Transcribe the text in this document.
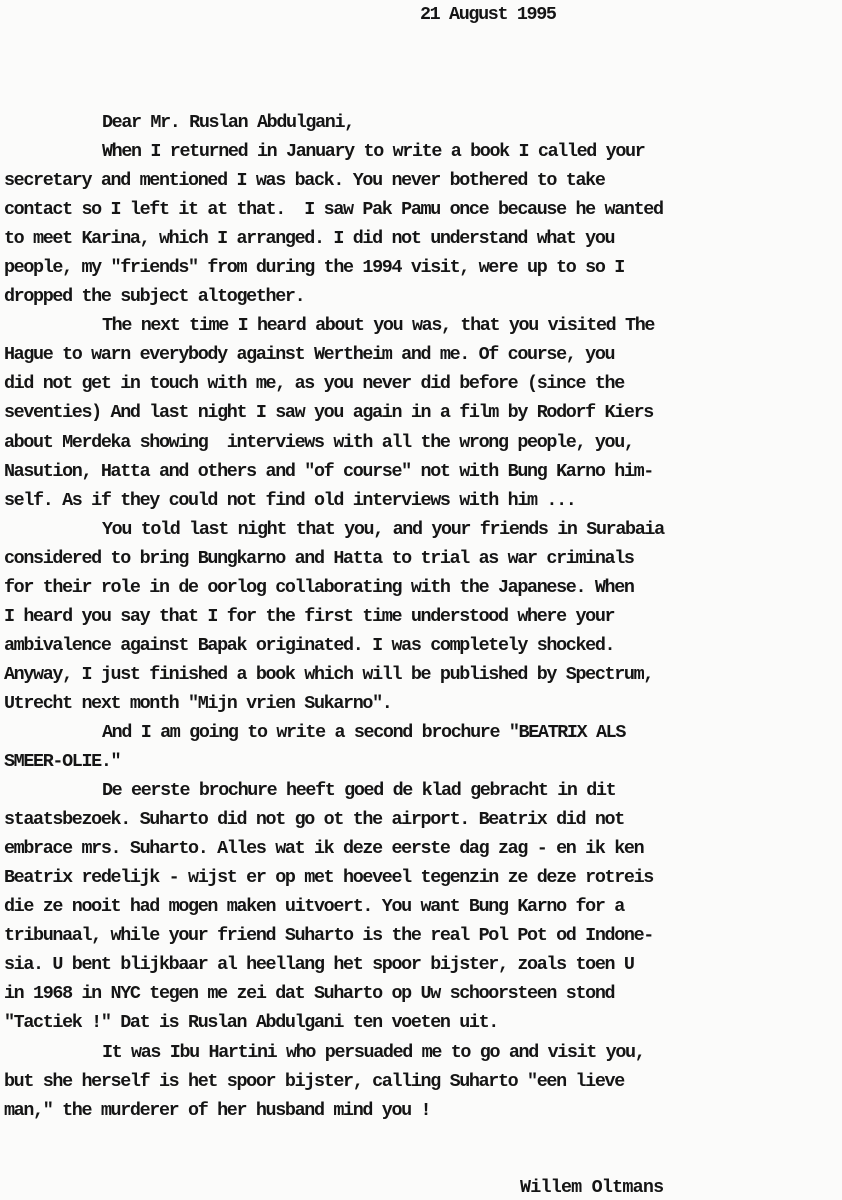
21 August 1995
Dear Mr. Ruslan Abdulgani,
When I returned in January to write a book I called your
secretary and mentioned I was back. You never bothered to take
contact so I left it at that.  I saw Pak Pamu once because he wanted
to meet Karina, which I arranged. I did not understand what you
people, my "friends" from during the 1994 visit, were up to so I
dropped the subject altogether.
The next time I heard about you was, that you visited The
Hague to warn everybody against Wertheim and me. Of course, you
did not get in touch with me, as you never did before (since the
seventies) And last night I saw you again in a film by Rodorf Kiers
about Merdeka showing  interviews with all the wrong people, you,
Nasution, Hatta and others and "of course" not with Bung Karno him-
self. As if they could not find old interviews with him ...
You told last night that you, and your friends in Surabaia
considered to bring Bungkarno and Hatta to trial as war criminals
for their role in de oorlog collaborating with the Japanese. When
I heard you say that I for the first time understood where your
ambivalence against Bapak originated. I was completely shocked.
Anyway, I just finished a book which will be published by Spectrum,
Utrecht next month "Mijn vrien Sukarno".
And I am going to write a second brochure "BEATRIX ALS
SMEER-OLIE."
De eerste brochure heeft goed de klad gebracht in dit
staatsbezoek. Suharto did not go ot the airport. Beatrix did not
embrace mrs. Suharto. Alles wat ik deze eerste dag zag - en ik ken
Beatrix redelijk - wijst er op met hoeveel tegenzin ze deze rotreis
die ze nooit had mogen maken uitvoert. You want Bung Karno for a
tribunaal, while your friend Suharto is the real Pol Pot od Indone-
sia. U bent blijkbaar al heellang het spoor bijster, zoals toen U
in 1968 in NYC tegen me zei dat Suharto op Uw schoorsteen stond
"Tactiek !" Dat is Ruslan Abdulgani ten voeten uit.
It was Ibu Hartini who persuaded me to go and visit you,
but she herself is het spoor bijster, calling Suharto "een lieve
man," the murderer of her husband mind you !
Willem Oltmans
